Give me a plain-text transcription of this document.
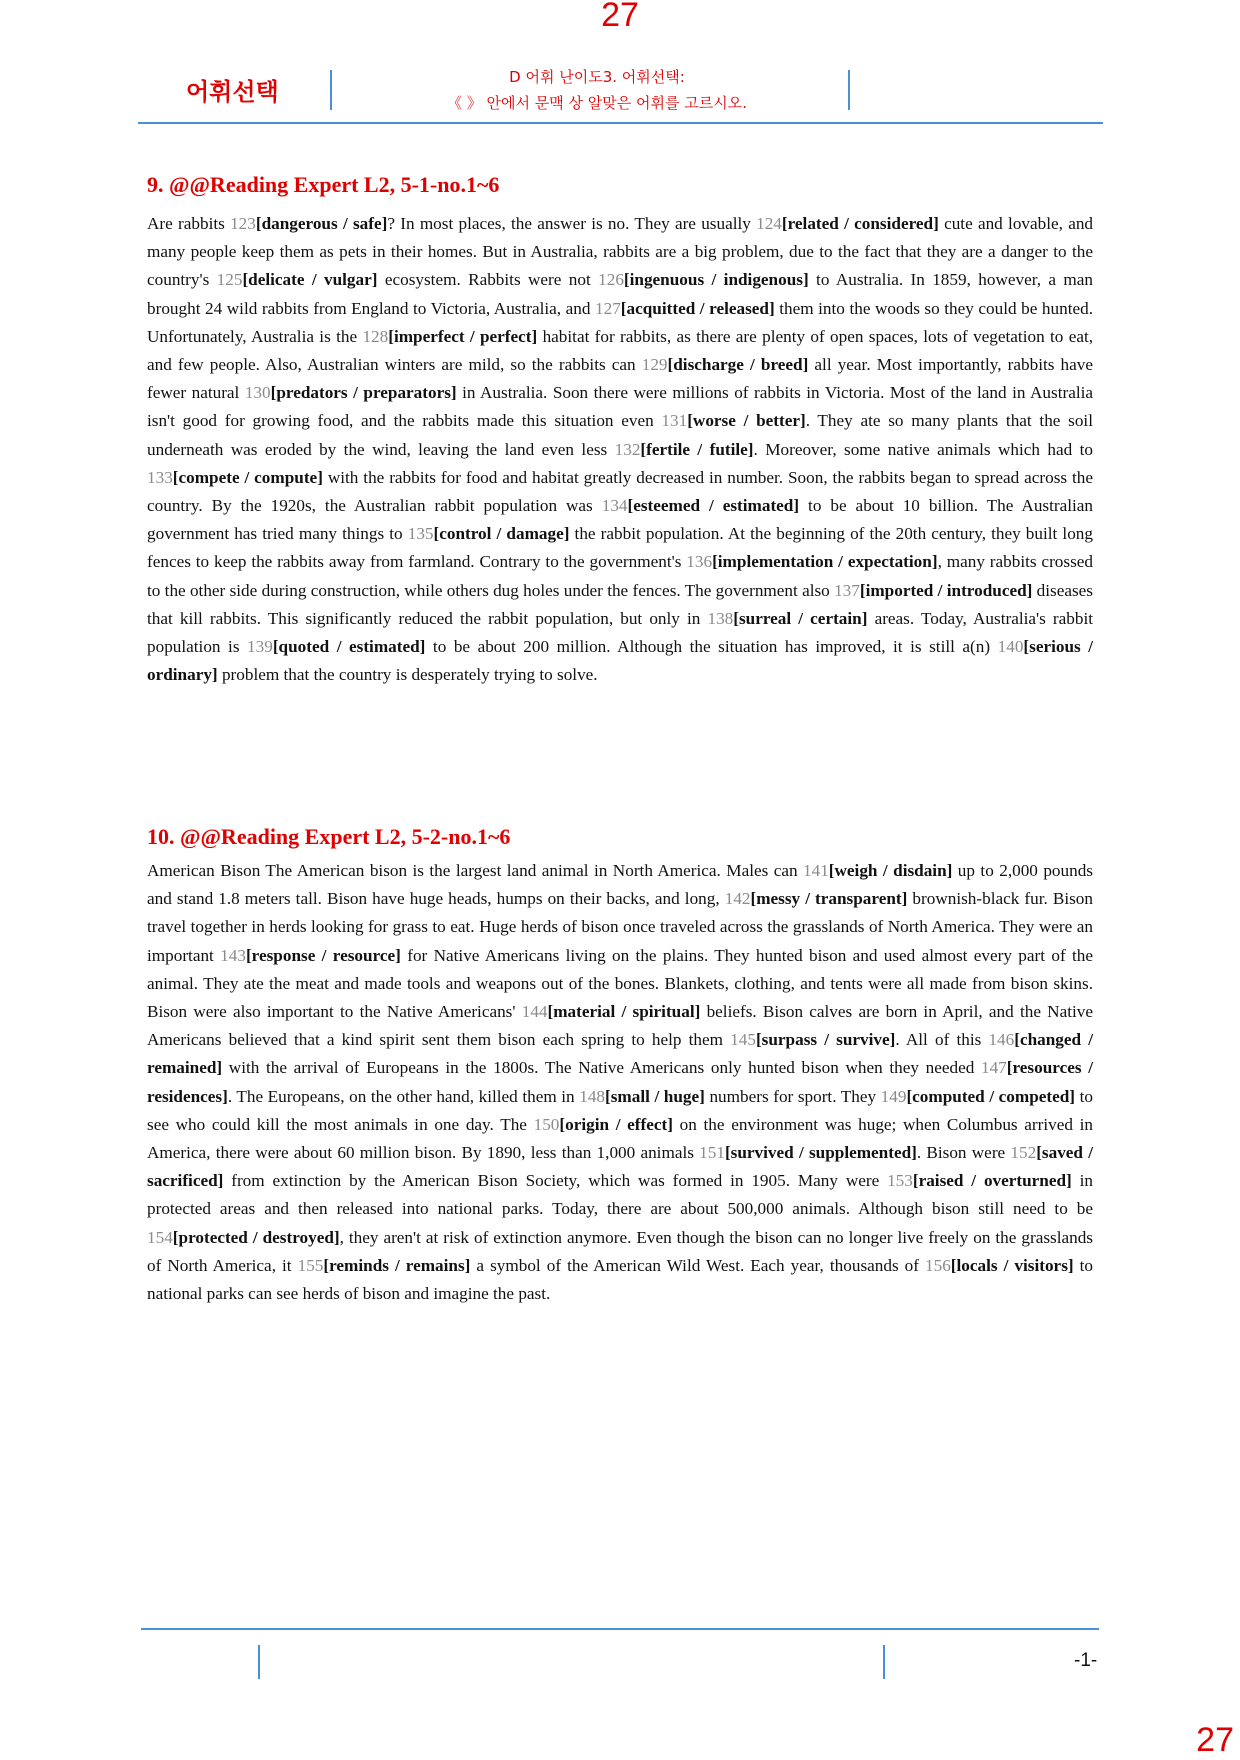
27
어휘선택
D 어휘 난이도3. 어휘선택:
《 》 안에서 문맥 상 알맞은 어휘를 고르시오.
9. @@Reading Expert L2, 5-1-no.1~6

Are rabbits 123[dangerous / safe]? In most places, the answer is no. They are usually 124[related / considered] cute and lovable, and many people keep them as pets in their homes. But in Australia, rabbits are a big problem, due to the fact that they are a danger to the country's 125[delicate / vulgar] ecosystem. Rabbits were not 126[ingenuous / indigenous] to Australia. In 1859, however, a man brought 24 wild rabbits from England to Victoria, Australia, and 127[acquitted / released] them into the woods so they could be hunted. Unfortunately, Australia is the 128[imperfect / perfect] habitat for rabbits, as there are plenty of open spaces, lots of vegetation to eat, and few people. Also, Australian winters are mild, so the rabbits can 129[discharge / breed] all year. Most importantly, rabbits have fewer natural 130[predators / preparators] in Australia. Soon there were millions of rabbits in Victoria. Most of the land in Australia isn't good for growing food, and the rabbits made this situation even 131[worse / better]. They ate so many plants that the soil underneath was eroded by the wind, leaving the land even less 132[fertile / futile]. Moreover, some native animals which had to 133[compete / compute] with the rabbits for food and habitat greatly decreased in number. Soon, the rabbits began to spread across the country. By the 1920s, the Australian rabbit population was 134[esteemed / estimated] to be about 10 billion. The Australian government has tried many things to 135[control / damage] the rabbit population. At the beginning of the 20th century, they built long fences to keep the rabbits away from farmland. Contrary to the government's 136[implementation / expectation], many rabbits crossed to the other side during construction, while others dug holes under the fences. The government also 137[imported / introduced] diseases that kill rabbits. This significantly reduced the rabbit population, but only in 138[surreal / certain] areas. Today, Australia's rabbit population is 139[quoted / estimated] to be about 200 million. Although the situation has improved, it is still a(n) 140[serious / ordinary] problem that the country is desperately trying to solve.

10. @@Reading Expert L2, 5-2-no.1~6

American Bison The American bison is the largest land animal in North America. Males can 141[weigh / disdain] up to 2,000 pounds and stand 1.8 meters tall. Bison have huge heads, humps on their backs, and long, 142[messy / transparent] brownish-black fur. Bison travel together in herds looking for grass to eat. Huge herds of bison once traveled across the grasslands of North America. They were an important 143[response / resource] for Native Americans living on the plains. They hunted bison and used almost every part of the animal. They ate the meat and made tools and weapons out of the bones. Blankets, clothing, and tents were all made from bison skins. Bison were also important to the Native Americans' 144[material / spiritual] beliefs. Bison calves are born in April, and the Native Americans believed that a kind spirit sent them bison each spring to help them 145[surpass / survive]. All of this 146[changed / remained] with the arrival of Europeans in the 1800s. The Native Americans only hunted bison when they needed 147[resources / residences]. The Europeans, on the other hand, killed them in 148[small / huge] numbers for sport. They 149[computed / competed] to see who could kill the most animals in one day. The 150[origin / effect] on the environment was huge; when Columbus arrived in America, there were about 60 million bison. By 1890, less than 1,000 animals 151[survived / supplemented]. Bison were 152[saved / sacrificed] from extinction by the American Bison Society, which was formed in 1905. Many were 153[raised / overturned] in protected areas and then released into national parks. Today, there are about 500,000 animals. Although bison still need to be 154[protected / destroyed], they aren't at risk of extinction anymore. Even though the bison can no longer live freely on the grasslands of North America, it 155[reminds / remains] a symbol of the American Wild West. Each year, thousands of 156[locals / visitors] to national parks can see herds of bison and imagine the past.

-1-
27
